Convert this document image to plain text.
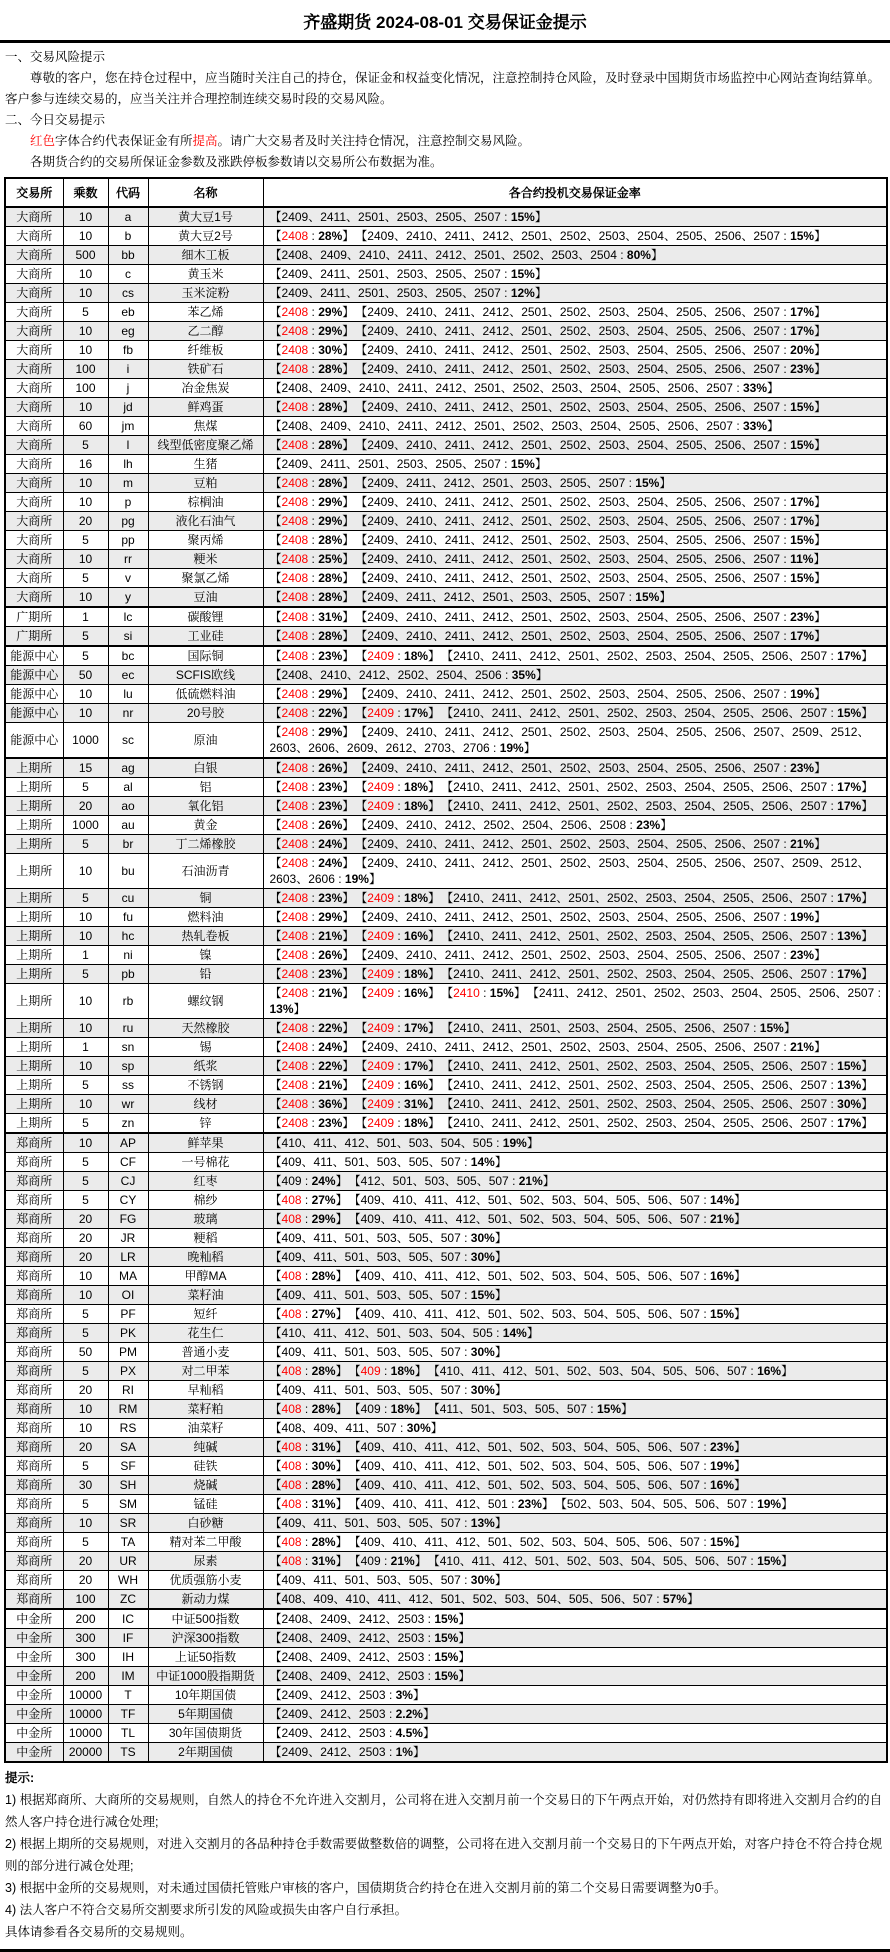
齐盛期货 2024-08-01 交易保证金提示
一、交易风险提示
尊敬的客户，您在持仓过程中，应当随时关注自己的持仓，保证金和权益变化情况，注意控制持仓风险，及时登录中国期货市场监控中心网站查询结算单。客户参与连续交易的，应当关注并合理控制连续交易时段的交易风险。
二、今日交易提示
红色字体合约代表保证金有所提高。请广大交易者及时关注持仓情况，注意控制交易风险。
各期货合约的交易所保证金参数及涨跌停板参数请以交易所公布数据为准。
交易所	乘数	代码	名称	各合约投机交易保证金率
大商所	10	a	黄大豆1号	【2409、2411、2501、2503、2505、2507 : 15%】
大商所	10	b	黄大豆2号	【2408 : 28%】 【2409、2410、2411、2412、2501、2502、2503、2504、2505、2506、2507 : 15%】
大商所	500	bb	细木工板	【2408、2409、2410、2411、2412、2501、2502、2503、2504 : 80%】
大商所	10	c	黄玉米	【2409、2411、2501、2503、2505、2507 : 15%】
大商所	10	cs	玉米淀粉	【2409、2411、2501、2503、2505、2507 : 12%】
大商所	5	eb	苯乙烯	【2408 : 29%】 【2409、2410、2411、2412、2501、2502、2503、2504、2505、2506、2507 : 17%】
大商所	10	eg	乙二醇	【2408 : 29%】 【2409、2410、2411、2412、2501、2502、2503、2504、2505、2506、2507 : 17%】
大商所	10	fb	纤维板	【2408 : 30%】 【2409、2410、2411、2412、2501、2502、2503、2504、2505、2506、2507 : 20%】
大商所	100	i	铁矿石	【2408 : 28%】 【2409、2410、2411、2412、2501、2502、2503、2504、2505、2506、2507 : 23%】
大商所	100	j	冶金焦炭	【2408、2409、2410、2411、2412、2501、2502、2503、2504、2505、2506、2507 : 33%】
大商所	10	jd	鲜鸡蛋	【2408 : 28%】 【2409、2410、2411、2412、2501、2502、2503、2504、2505、2506、2507 : 15%】
大商所	60	jm	焦煤	【2408、2409、2410、2411、2412、2501、2502、2503、2504、2505、2506、2507 : 33%】
大商所	5	l	线型低密度聚乙烯	【2408 : 28%】 【2409、2410、2411、2412、2501、2502、2503、2504、2505、2506、2507 : 15%】
大商所	16	lh	生猪	【2409、2411、2501、2503、2505、2507 : 15%】
大商所	10	m	豆粕	【2408 : 28%】 【2409、2411、2412、2501、2503、2505、2507 : 15%】
大商所	10	p	棕榈油	【2408 : 29%】 【2409、2410、2411、2412、2501、2502、2503、2504、2505、2506、2507 : 17%】
大商所	20	pg	液化石油气	【2408 : 29%】 【2409、2410、2411、2412、2501、2502、2503、2504、2505、2506、2507 : 17%】
大商所	5	pp	聚丙烯	【2408 : 28%】 【2409、2410、2411、2412、2501、2502、2503、2504、2505、2506、2507 : 15%】
大商所	10	rr	粳米	【2408 : 25%】 【2409、2410、2411、2412、2501、2502、2503、2504、2505、2506、2507 : 11%】
大商所	5	v	聚氯乙烯	【2408 : 28%】 【2409、2410、2411、2412、2501、2502、2503、2504、2505、2506、2507 : 15%】
大商所	10	y	豆油	【2408 : 28%】 【2409、2411、2412、2501、2503、2505、2507 : 15%】
广期所	1	lc	碳酸锂	【2408 : 31%】 【2409、2410、2411、2412、2501、2502、2503、2504、2505、2506、2507 : 23%】
广期所	5	si	工业硅	【2408 : 28%】 【2409、2410、2411、2412、2501、2502、2503、2504、2505、2506、2507 : 17%】
能源中心	5	bc	国际铜	【2408 : 23%】 【2409 : 18%】 【2410、2411、2412、2501、2502、2503、2504、2505、2506、2507 : 17%】
能源中心	50	ec	SCFIS欧线	【2408、2410、2412、2502、2504、2506 : 35%】
能源中心	10	lu	低硫燃料油	【2408 : 29%】 【2409、2410、2411、2412、2501、2502、2503、2504、2505、2506、2507 : 19%】
能源中心	10	nr	20号胶	【2408 : 22%】 【2409 : 17%】 【2410、2411、2412、2501、2502、2503、2504、2505、2506、2507 : 15%】
能源中心	1000	sc	原油	【2408 : 29%】 【2409、2410、2411、2412、2501、2502、2503、2504、2505、2506、2507、2509、2512、2603、2606、2609、2612、2703、2706 : 19%】
上期所	15	ag	白银	【2408 : 26%】 【2409、2410、2411、2412、2501、2502、2503、2504、2505、2506、2507 : 23%】
上期所	5	al	铝	【2408 : 23%】 【2409 : 18%】 【2410、2411、2412、2501、2502、2503、2504、2505、2506、2507 : 17%】
上期所	20	ao	氧化铝	【2408 : 23%】 【2409 : 18%】 【2410、2411、2412、2501、2502、2503、2504、2505、2506、2507 : 17%】
上期所	1000	au	黄金	【2408 : 26%】 【2409、2410、2412、2502、2504、2506、2508 : 23%】
上期所	5	br	丁二烯橡胶	【2408 : 24%】 【2409、2410、2411、2412、2501、2502、2503、2504、2505、2506、2507 : 21%】
上期所	10	bu	石油沥青	【2408 : 24%】 【2409、2410、2411、2412、2501、2502、2503、2504、2505、2506、2507、2509、2512、2603、2606 : 19%】
上期所	5	cu	铜	【2408 : 23%】 【2409 : 18%】 【2410、2411、2412、2501、2502、2503、2504、2505、2506、2507 : 17%】
上期所	10	fu	燃料油	【2408 : 29%】 【2409、2410、2411、2412、2501、2502、2503、2504、2505、2506、2507 : 19%】
上期所	10	hc	热轧卷板	【2408 : 21%】 【2409 : 16%】 【2410、2411、2412、2501、2502、2503、2504、2505、2506、2507 : 13%】
上期所	1	ni	镍	【2408 : 26%】 【2409、2410、2411、2412、2501、2502、2503、2504、2505、2506、2507 : 23%】
上期所	5	pb	铅	【2408 : 23%】 【2409 : 18%】 【2410、2411、2412、2501、2502、2503、2504、2505、2506、2507 : 17%】
上期所	10	rb	螺纹钢	【2408 : 21%】 【2409 : 16%】 【2410 : 15%】 【2411、2412、2501、2502、2503、2504、2505、2506、2507 : 13%】
上期所	10	ru	天然橡胶	【2408 : 22%】 【2409 : 17%】 【2410、2411、2501、2503、2504、2505、2506、2507 : 15%】
上期所	1	sn	锡	【2408 : 24%】 【2409、2410、2411、2412、2501、2502、2503、2504、2505、2506、2507 : 21%】
上期所	10	sp	纸浆	【2408 : 22%】 【2409 : 17%】 【2410、2411、2412、2501、2502、2503、2504、2505、2506、2507 : 15%】
上期所	5	ss	不锈钢	【2408 : 21%】 【2409 : 16%】 【2410、2411、2412、2501、2502、2503、2504、2505、2506、2507 : 13%】
上期所	10	wr	线材	【2408 : 36%】 【2409 : 31%】 【2410、2411、2412、2501、2502、2503、2504、2505、2506、2507 : 30%】
上期所	5	zn	锌	【2408 : 23%】 【2409 : 18%】 【2410、2411、2412、2501、2502、2503、2504、2505、2506、2507 : 17%】
郑商所	10	AP	鲜苹果	【410、411、412、501、503、504、505 : 19%】
郑商所	5	CF	一号棉花	【409、411、501、503、505、507 : 14%】
郑商所	5	CJ	红枣	【409 : 24%】 【412、501、503、505、507 : 21%】
郑商所	5	CY	棉纱	【408 : 27%】 【409、410、411、412、501、502、503、504、505、506、507 : 14%】
郑商所	20	FG	玻璃	【408 : 29%】 【409、410、411、412、501、502、503、504、505、506、507 : 21%】
郑商所	20	JR	粳稻	【409、411、501、503、505、507 : 30%】
郑商所	20	LR	晚籼稻	【409、411、501、503、505、507 : 30%】
郑商所	10	MA	甲醇MA	【408 : 28%】 【409、410、411、412、501、502、503、504、505、506、507 : 16%】
郑商所	10	OI	菜籽油	【409、411、501、503、505、507 : 15%】
郑商所	5	PF	短纤	【408 : 27%】 【409、410、411、412、501、502、503、504、505、506、507 : 15%】
郑商所	5	PK	花生仁	【410、411、412、501、503、504、505 : 14%】
郑商所	50	PM	普通小麦	【409、411、501、503、505、507 : 30%】
郑商所	5	PX	对二甲苯	【408 : 28%】 【409 : 18%】 【410、411、412、501、502、503、504、505、506、507 : 16%】
郑商所	20	RI	早籼稻	【409、411、501、503、505、507 : 30%】
郑商所	10	RM	菜籽粕	【408 : 28%】 【409 : 18%】 【411、501、503、505、507 : 15%】
郑商所	10	RS	油菜籽	【408、409、411、507 : 30%】
郑商所	20	SA	纯碱	【408 : 31%】 【409、410、411、412、501、502、503、504、505、506、507 : 23%】
郑商所	5	SF	硅铁	【408 : 30%】 【409、410、411、412、501、502、503、504、505、506、507 : 19%】
郑商所	30	SH	烧碱	【408 : 28%】 【409、410、411、412、501、502、503、504、505、506、507 : 16%】
郑商所	5	SM	锰硅	【408 : 31%】 【409、410、411、412、501 : 23%】 【502、503、504、505、506、507 : 19%】
郑商所	10	SR	白砂糖	【409、411、501、503、505、507 : 13%】
郑商所	5	TA	精对苯二甲酸	【408 : 28%】 【409、410、411、412、501、502、503、504、505、506、507 : 15%】
郑商所	20	UR	尿素	【408 : 31%】 【409 : 21%】 【410、411、412、501、502、503、504、505、506、507 : 15%】
郑商所	20	WH	优质强筋小麦	【409、411、501、503、505、507 : 30%】
郑商所	100	ZC	新动力煤	【408、409、410、411、412、501、502、503、504、505、506、507 : 57%】
中金所	200	IC	中证500指数	【2408、2409、2412、2503 : 15%】
中金所	300	IF	沪深300指数	【2408、2409、2412、2503 : 15%】
中金所	300	IH	上证50指数	【2408、2409、2412、2503 : 15%】
中金所	200	IM	中证1000股指期货	【2408、2409、2412、2503 : 15%】
中金所	10000	T	10年期国债	【2409、2412、2503 : 3%】
中金所	10000	TF	5年期国债	【2409、2412、2503 : 2.2%】
中金所	10000	TL	30年国债期货	【2409、2412、2503 : 4.5%】
中金所	20000	TS	2年期国债	【2409、2412、2503 : 1%】
提示:
1) 根据郑商所、大商所的交易规则，自然人的持仓不允许进入交割月，公司将在进入交割月前一个交易日的下午两点开始，对仍然持有即将进入交割月合约的自然人客户持仓进行减仓处理;
2) 根据上期所的交易规则，对进入交割月的各品种持仓手数需要做整数倍的调整，公司将在进入交割月前一个交易日的下午两点开始，对客户持仓不符合持仓规则的部分进行减仓处理;
3) 根据中金所的交易规则，对未通过国债托管账户审核的客户，国债期货合约持仓在进入交割月前的第二个交易日需要调整为0手。
4) 法人客户不符合交易所交割要求所引发的风险或损失由客户自行承担。
具体请参看各交易所的交易规则。
